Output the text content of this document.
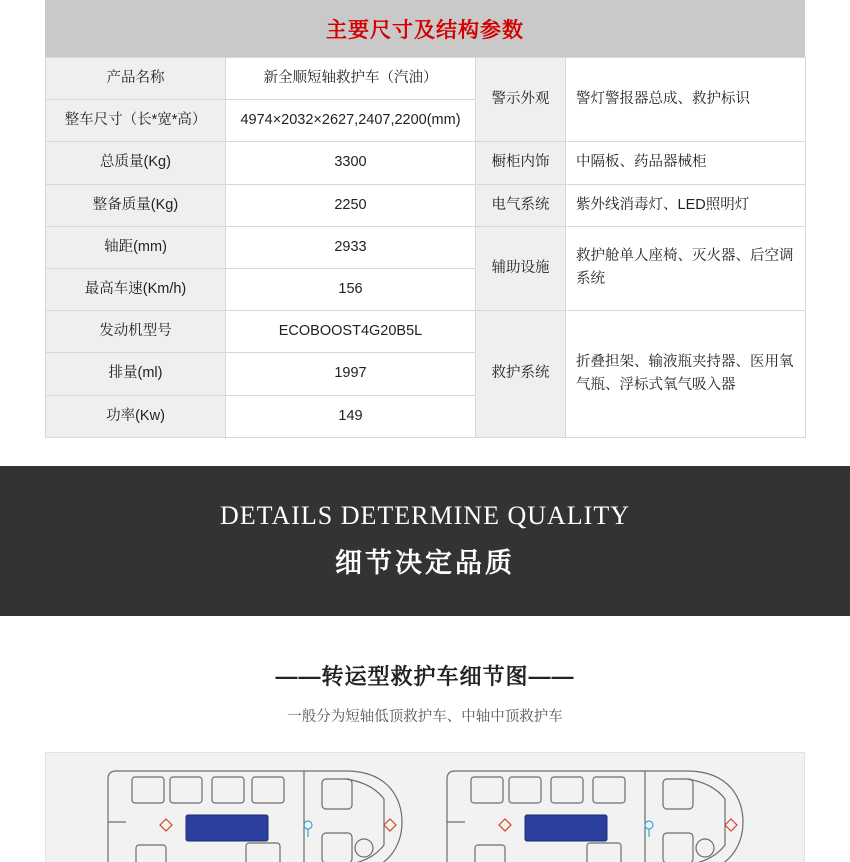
主要尺寸及结构参数
产品名称	新全顺短轴救护车（汽油）	警示外观	警灯警报器总成、救护标识
整车尺寸（长*宽*高）	4974×2032×2627,2407,2200(mm)		
总质量(Kg)	3300	橱柜内饰	中隔板、药品器械柜
整备质量(Kg)	2250	电气系统	紫外线消毒灯、LED照明灯
轴距(mm)	2933	辅助设施	救护舱单人座椅、灭火器、后空调系统
最高车速(Km/h)	156		
发动机型号	ECOBOOST4G20B5L	救护系统	折叠担架、输液瓶夹持器、医用氧气瓶、浮标式氧气吸入器
排量(ml)	1997		
功率(Kw)	149		
DETAILS DETERMINE QUALITY
细节决定品质
——转运型救护车细节图——
一般分为短轴低顶救护车、中轴中顶救护车
